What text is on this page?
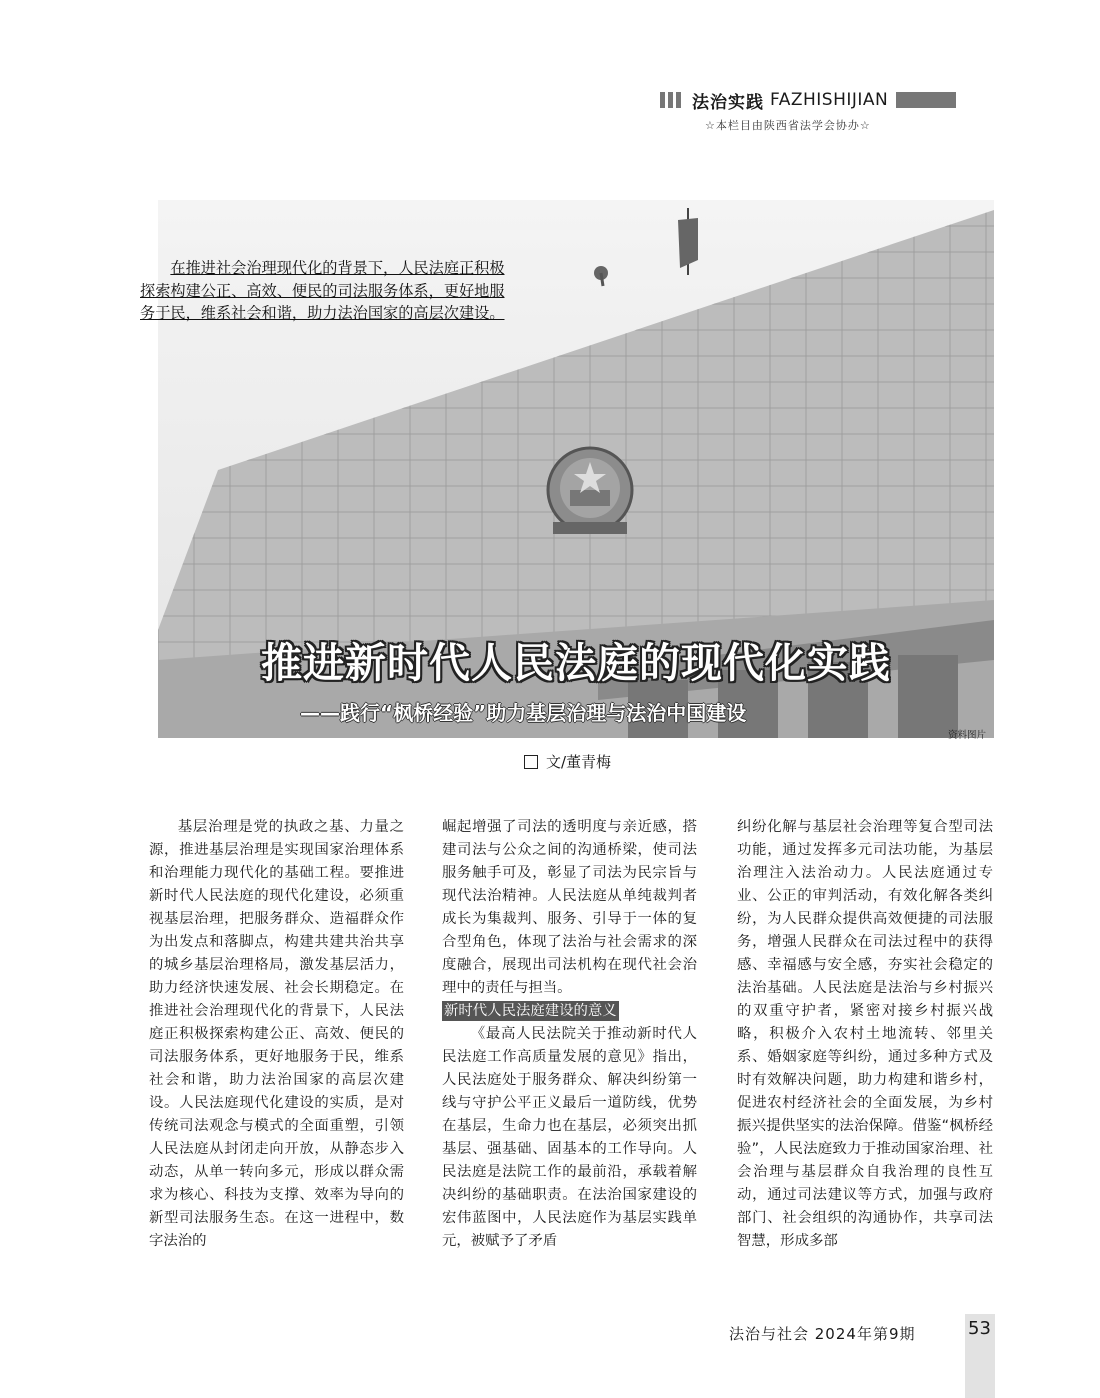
法治实践 FAZHISHIJIAN
☆本栏目由陕西省法学会协办☆
在推进社会治理现代化的背景下，人民法庭正积极探索构建公正、高效、便民的司法服务体系，更好地服务于民，维系社会和谐，助力法治国家的高层次建设。
推进新时代人民法庭的现代化实践
——践行“枫桥经验”助力基层治理与法治中国建设
资料图片
文/董青梅

基层治理是党的执政之基、力量之源，推进基层治理是实现国家治理体系和治理能力现代化的基础工程。要推进新时代人民法庭的现代化建设，必须重视基层治理，把服务群众、造福群众作为出发点和落脚点，构建共建共治共享的城乡基层治理格局，激发基层活力，助力经济快速发展、社会长期稳定。在推进社会治理现代化的背景下，人民法庭正积极探索构建公正、高效、便民的司法服务体系，更好地服务于民，维系社会和谐，助力法治国家的高层次建设。人民法庭现代化建设的实质，是对传统司法观念与模式的全面重塑，引领人民法庭从封闭走向开放，从静态步入动态，从单一转向多元，形成以群众需求为核心、科技为支撑、效率为导向的新型司法服务生态。在这一进程中，数字法治的

崛起增强了司法的透明度与亲近感，搭建司法与公众之间的沟通桥梁，使司法服务触手可及，彰显了司法为民宗旨与现代法治精神。人民法庭从单纯裁判者成长为集裁判、服务、引导于一体的复合型角色，体现了法治与社会需求的深度融合，展现出司法机构在现代社会治理中的责任与担当。

新时代人民法庭建设的意义

《最高人民法院关于推动新时代人民法庭工作高质量发展的意见》指出，人民法庭处于服务群众、解决纠纷第一线与守护公平正义最后一道防线，优势在基层，生命力也在基层，必须突出抓基层、强基础、固基本的工作导向。人民法庭是法院工作的最前沿，承载着解决纠纷的基础职责。在法治国家建设的宏伟蓝图中，人民法庭作为基层实践单元，被赋予了矛盾

纠纷化解与基层社会治理等复合型司法功能，通过发挥多元司法功能，为基层治理注入法治动力。人民法庭通过专业、公正的审判活动，有效化解各类纠纷，为人民群众提供高效便捷的司法服务，增强人民群众在司法过程中的获得感、幸福感与安全感，夯实社会稳定的法治基础。人民法庭是法治与乡村振兴的双重守护者，紧密对接乡村振兴战略，积极介入农村土地流转、邻里关系、婚姻家庭等纠纷，通过多种方式及时有效解决问题，助力构建和谐乡村，促进农村经济社会的全面发展，为乡村振兴提供坚实的法治保障。借鉴“枫桥经验”，人民法庭致力于推动国家治理、社会治理与基层群众自我治理的良性互动，通过司法建议等方式，加强与政府部门、社会组织的沟通协作，共享司法智慧，形成多部

法治与社会 2024年第9期	53
